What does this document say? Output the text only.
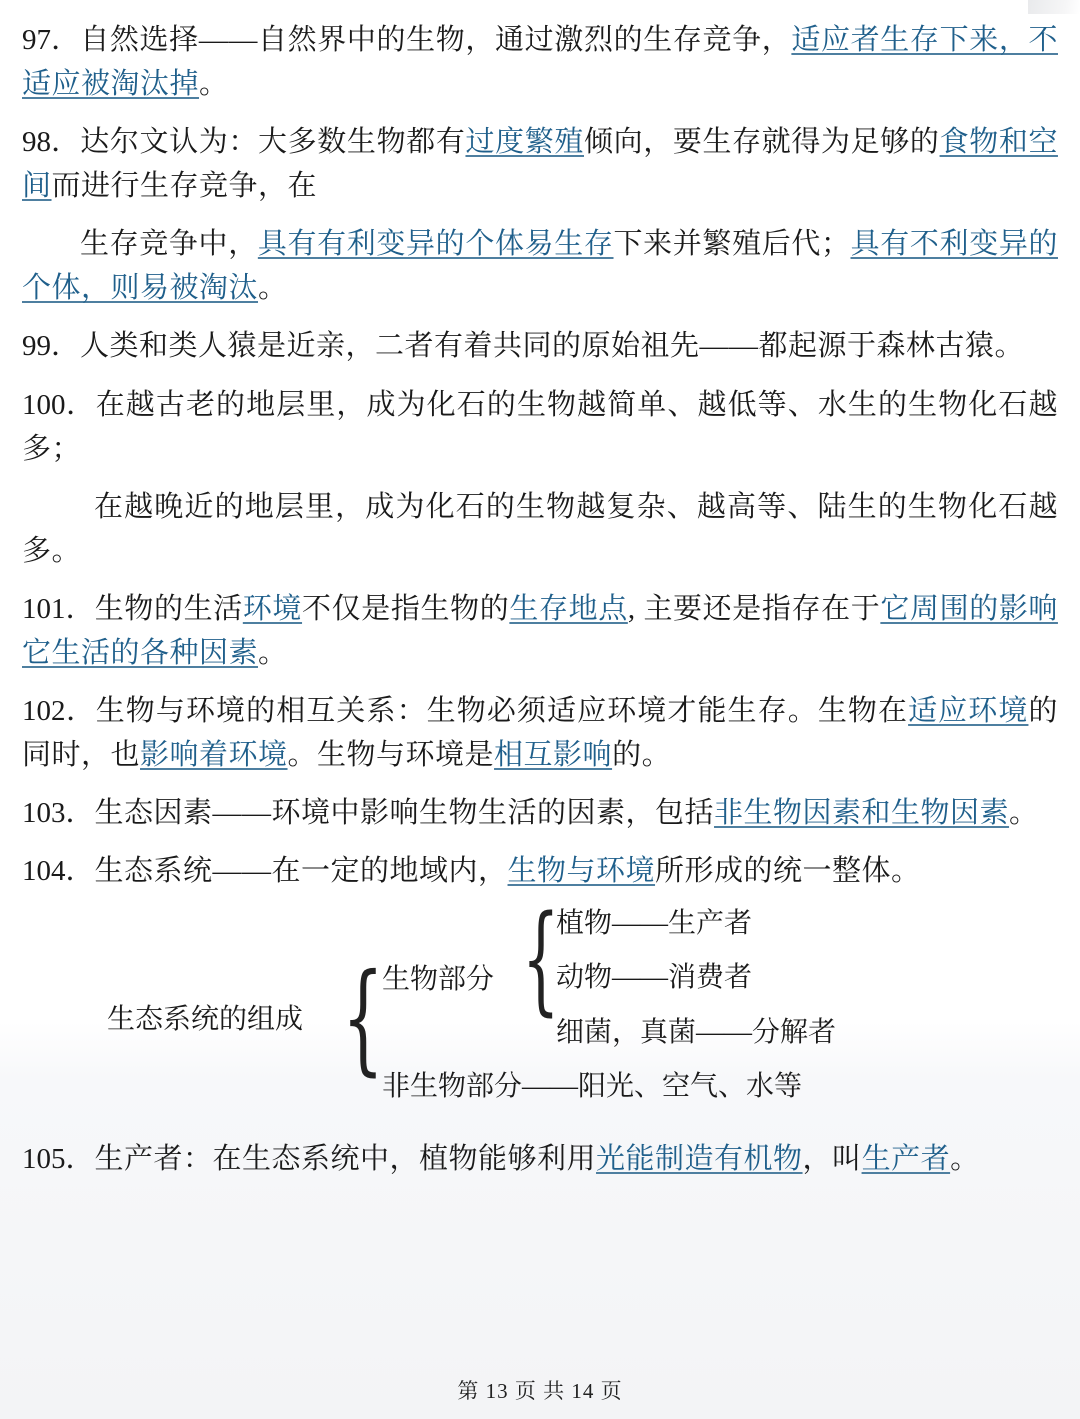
97．自然选择——自然界中的生物，通过激烈的生存竞争，适应者生存下来，不适应被淘汰掉。

98．达尔文认为：大多数生物都有过度繁殖倾向，要生存就得为足够的食物和空间而进行生存竞争，在

生存竞争中，具有有利变异的个体易生存下来并繁殖后代；具有不利变异的个体，则易被淘汰。

99．人类和类人猿是近亲，二者有着共同的原始祖先——都起源于森林古猿。

100．在越古老的地层里，成为化石的生物越简单、越低等、水生的生物化石越多；

在越晚近的地层里，成为化石的生物越复杂、越高等、陆生的生物化石越多。

101．生物的生活环境不仅是指生物的生存地点, 主要还是指存在于它周围的影响它生活的各种因素。

102．生物与环境的相互关系：生物必须适应环境才能生存。生物在适应环境的同时，也影响着环境。生物与环境是相互影响的。

103．生态因素——环境中影响生物生活的因素，包括非生物因素和生物因素。

104．生态系统——在一定的地域内，生物与环境所形成的统一整体。

生态系统的组成 {
生物部分 {
植物——生产者
动物——消费者
细菌，真菌——分解者
非生物部分——阳光、空气、水等

105．生产者：在生态系统中，植物能够利用光能制造有机物，叫生产者。

第 13 页 共 14 页
